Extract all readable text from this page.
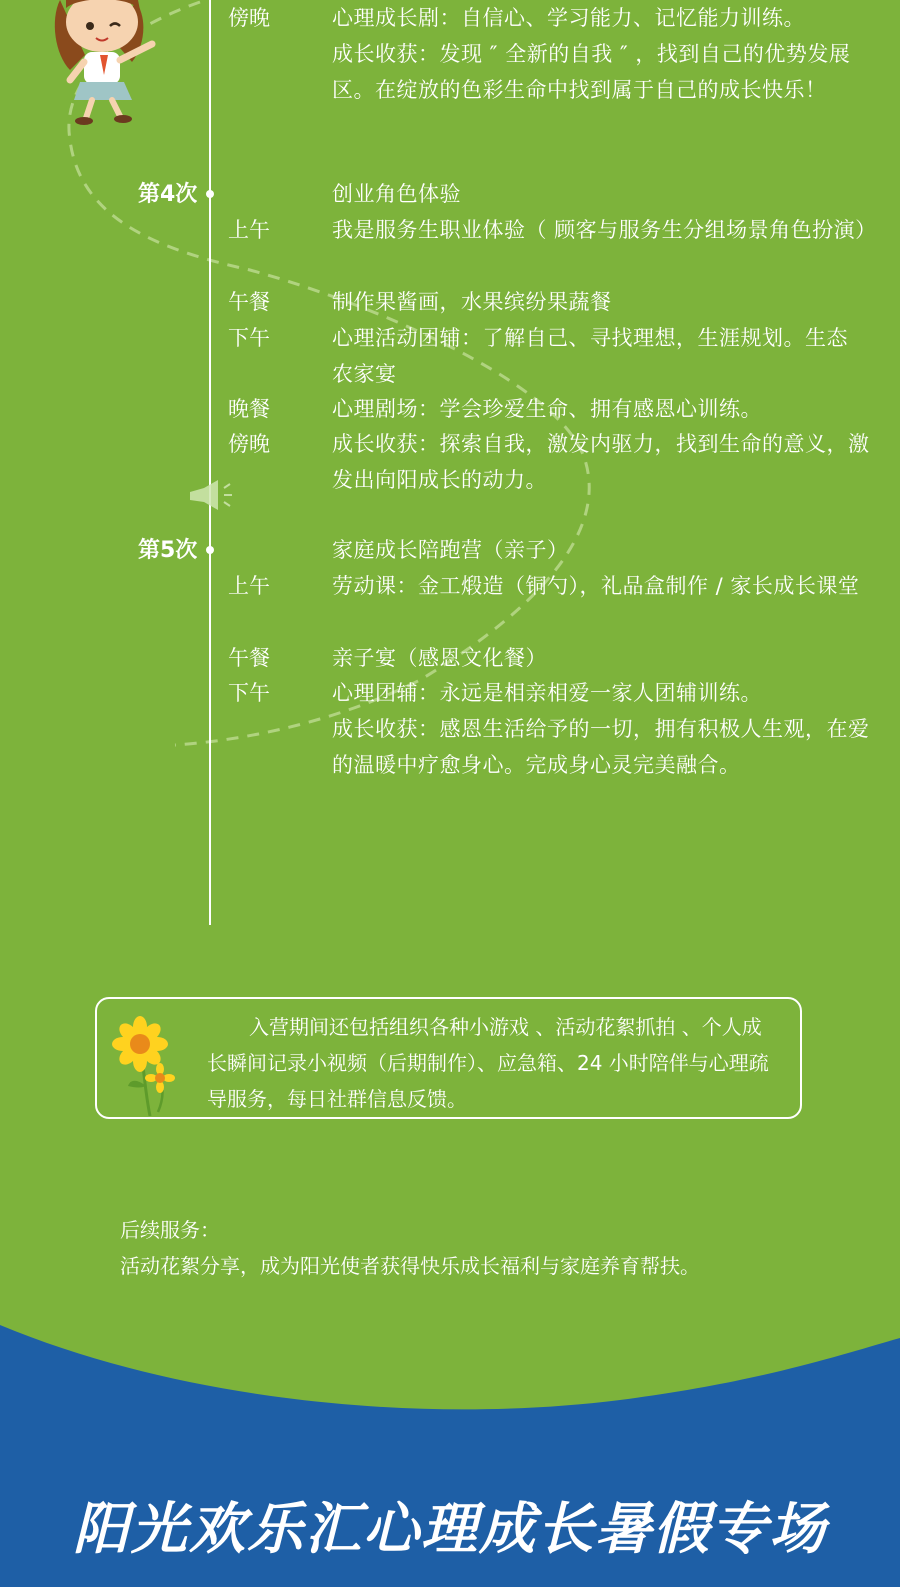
傍晚	心理成长剧：自信心、学习能力、记忆能力训练。
成长收获：发现 ″ 全新的自我 ″ ，找到自己的优势发展区。在绽放的色彩生命中找到属于自己的成长快乐！
第4次	创业角色体验
上午	我是服务生职业体验（ 顾客与服务生分组场景角色扮演）
午餐	制作果酱画，水果缤纷果蔬餐
下午	心理活动团辅：了解自己、寻找理想，生涯规划。生态农家宴
晚餐	心理剧场：学会珍爱生命、拥有感恩心训练。
傍晚	成长收获：探索自我，激发内驱力，找到生命的意义，激发出向阳成长的动力。
第5次	家庭成长陪跑营（亲子）
上午	劳动课：金工煅造（铜勺），礼品盒制作 / 家长成长课堂
午餐	亲子宴（感恩文化餐）
下午	心理团辅：永远是相亲相爱一家人团辅训练。
成长收获：感恩生活给予的一切，拥有积极人生观，在爱的温暖中疗愈身心。完成身心灵完美融合。
入营期间还包括组织各种小游戏 、活动花絮抓拍 、个人成长瞬间记录小视频（后期制作）、应急箱、24 小时陪伴与心理疏导服务，每日社群信息反馈。
后续服务：
活动花絮分享，成为阳光使者获得快乐成长福利与家庭养育帮扶。
阳光欢乐汇心理成长暑假专场
